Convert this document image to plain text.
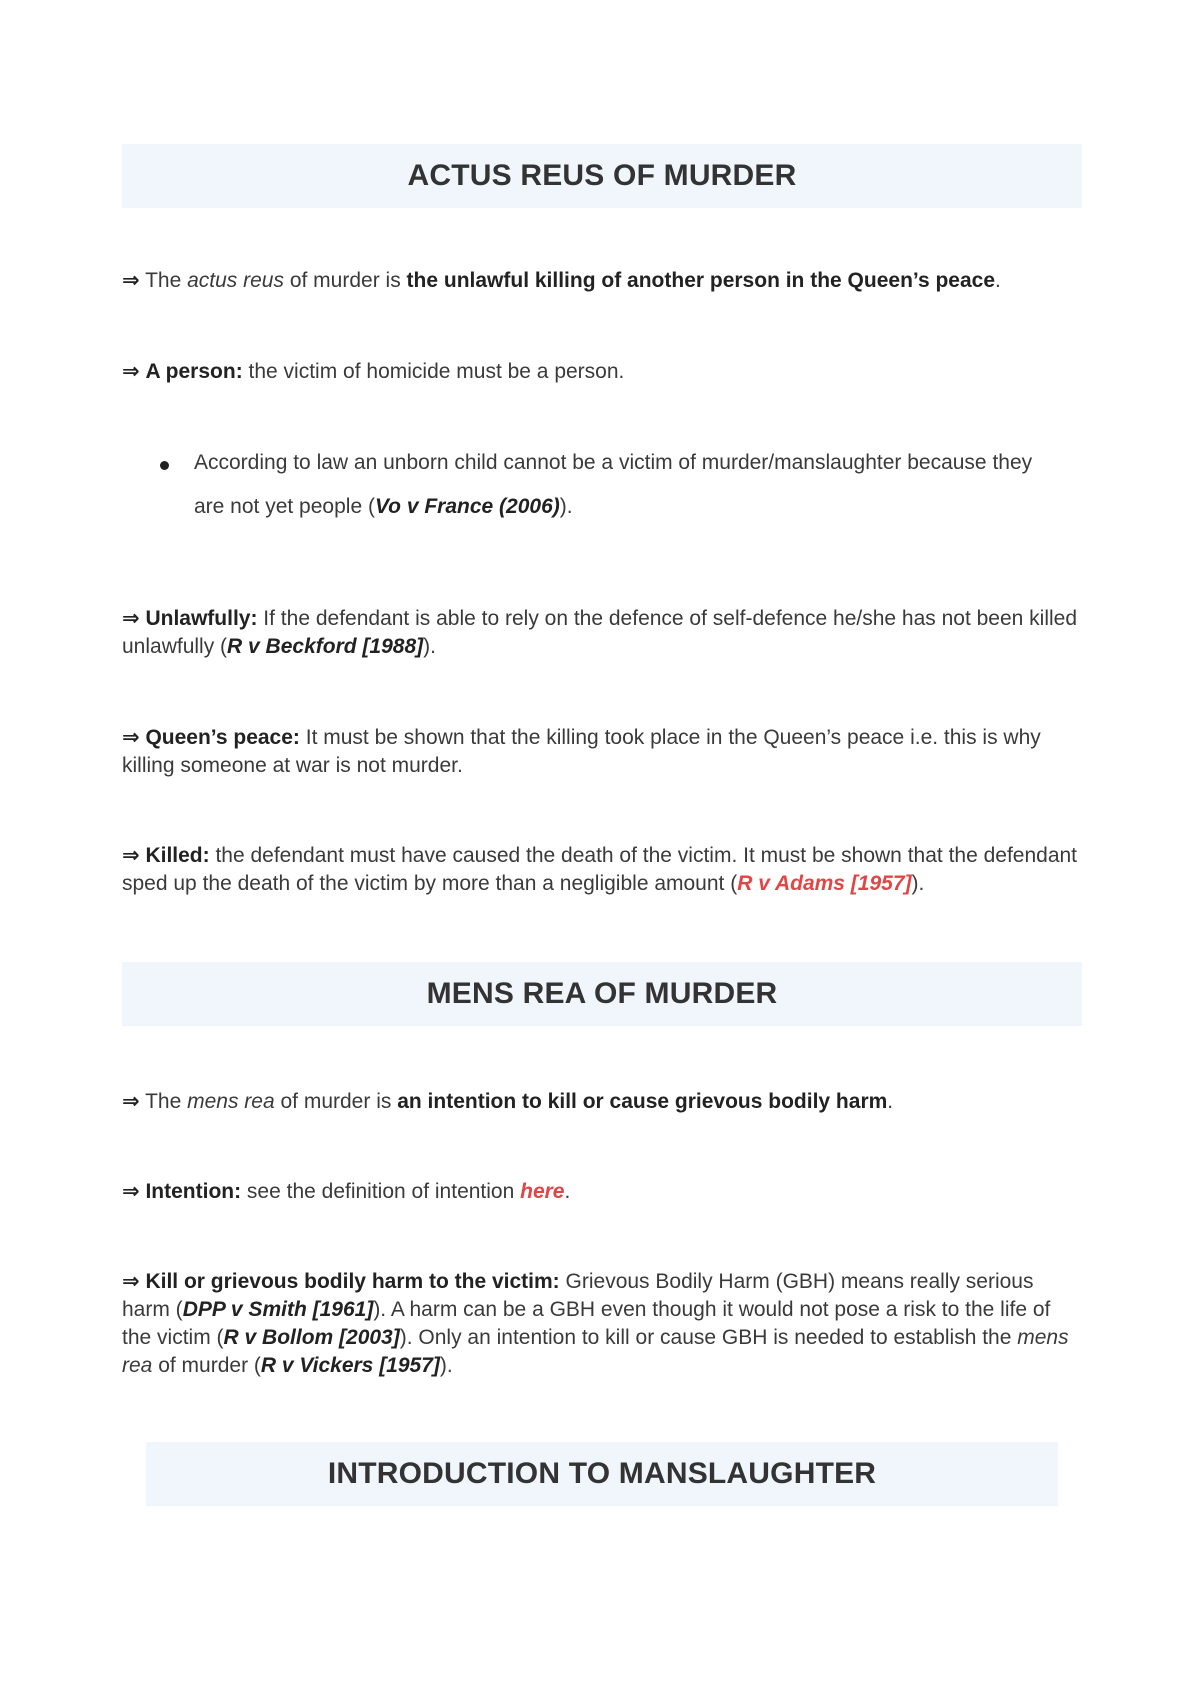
ACTUS REUS OF MURDER
⇒ The actus reus of murder is the unlawful killing of another person in the Queen’s peace.
⇒ A person: the victim of homicide must be a person.
According to law an unborn child cannot be a victim of murder/manslaughter because they are not yet people (Vo v France (2006)).
⇒ Unlawfully: If the defendant is able to rely on the defence of self-defence he/she has not been killed unlawfully (R v Beckford [1988]).
⇒ Queen’s peace: It must be shown that the killing took place in the Queen’s peace i.e. this is why killing someone at war is not murder.
⇒ Killed: the defendant must have caused the death of the victim. It must be shown that the defendant sped up the death of the victim by more than a negligible amount (R v Adams [1957]).
MENS REA OF MURDER
⇒ The mens rea of murder is an intention to kill or cause grievous bodily harm.
⇒ Intention: see the definition of intention here.
⇒ Kill or grievous bodily harm to the victim: Grievous Bodily Harm (GBH) means really serious harm (DPP v Smith [1961]). A harm can be a GBH even though it would not pose a risk to the life of the victim (R v Bollom [2003]). Only an intention to kill or cause GBH is needed to establish the mens rea of murder (R v Vickers [1957]).
INTRODUCTION TO MANSLAUGHTER
